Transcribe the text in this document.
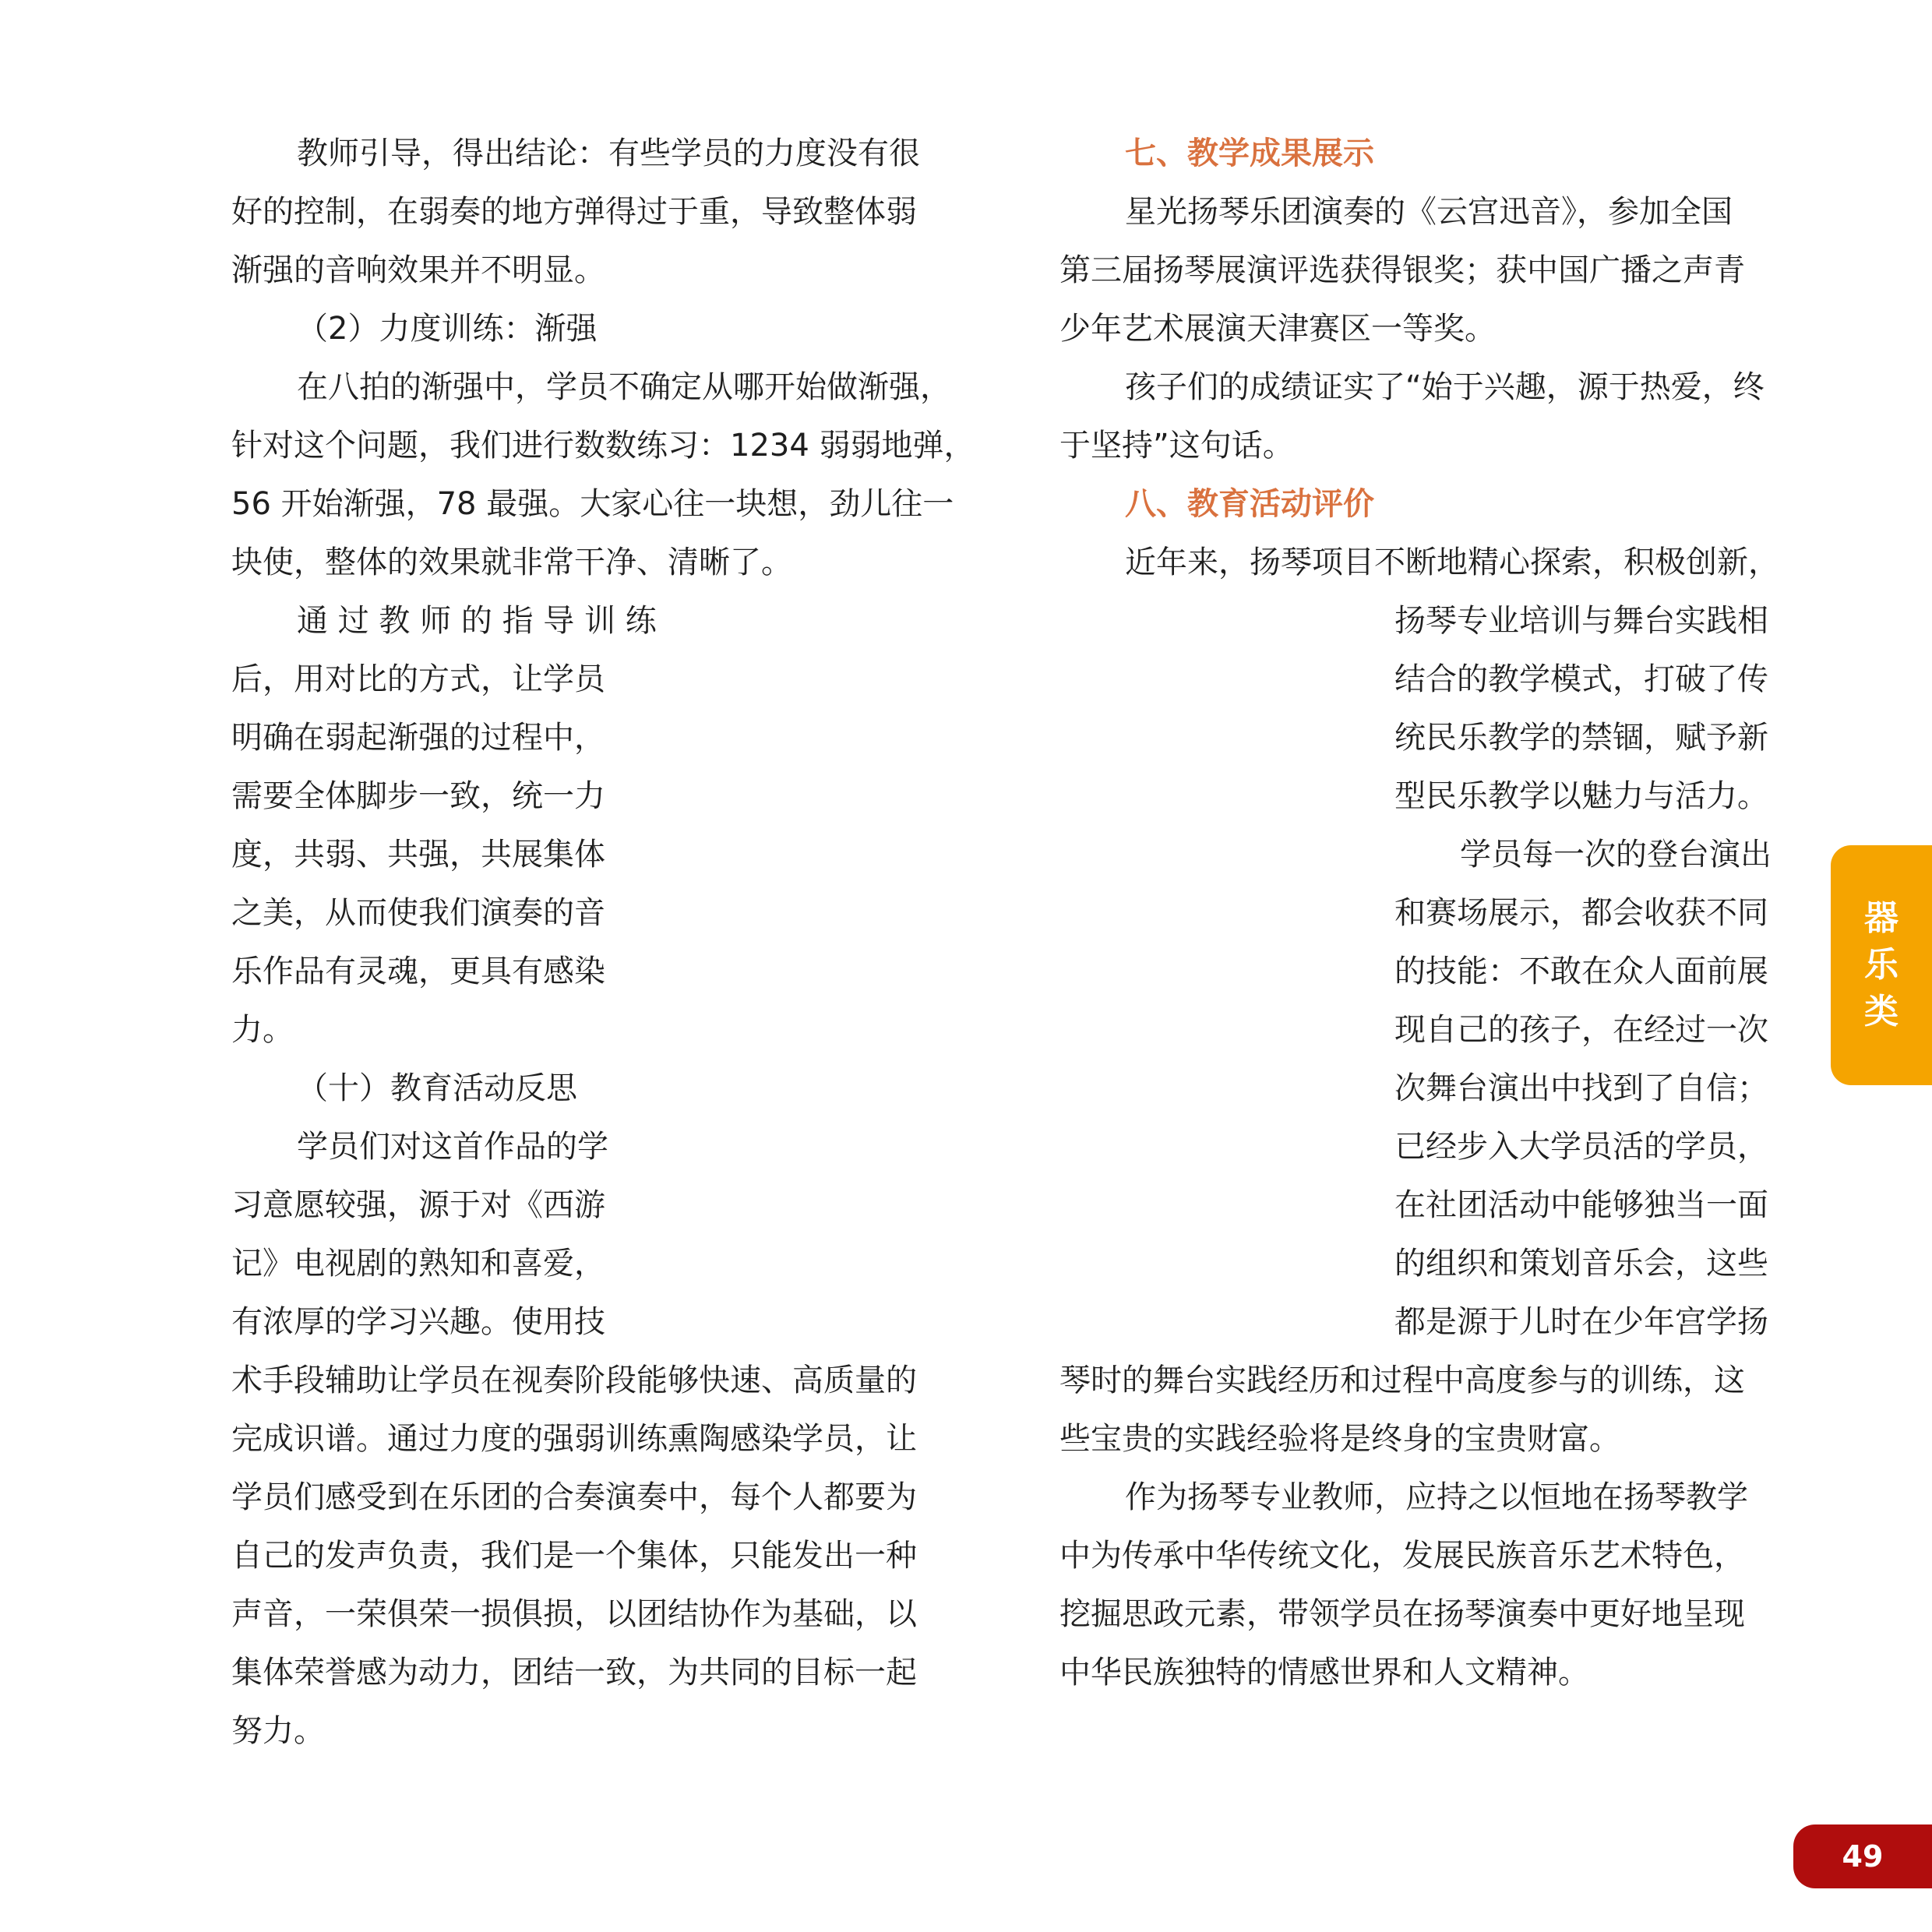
教师引导，得出结论：有些学员的力度没有很
好的控制，在弱奏的地方弹得过于重，导致整体弱
渐强的音响效果并不明显。
（2）力度训练：渐强
在八拍的渐强中，学员不确定从哪开始做渐强，
针对这个问题，我们进行数数练习：1234 弱弱地弹，
56 开始渐强，78 最强。大家心往一块想，劲儿往一
块使，整体的效果就非常干净、清晰了。
通 过 教 师 的 指 导 训 练
后，用对比的方式，让学员
明确在弱起渐强的过程中，
需要全体脚步一致，统一力
度，共弱、共强，共展集体
之美，从而使我们演奏的音
乐作品有灵魂，更具有感染
力。
（十）教育活动反思
学员们对这首作品的学
习意愿较强，源于对《西游
记》电视剧的熟知和喜爱，
有浓厚的学习兴趣。使用技
术手段辅助让学员在视奏阶段能够快速、高质量的
完成识谱。通过力度的强弱训练熏陶感染学员，让
学员们感受到在乐团的合奏演奏中，每个人都要为
自己的发声负责，我们是一个集体，只能发出一种
声音，一荣俱荣一损俱损，以团结协作为基础，以
集体荣誉感为动力，团结一致，为共同的目标一起
努力。
七、教学成果展示
星光扬琴乐团演奏的《云宫迅音》，参加全国
第三届扬琴展演评选获得银奖；获中国广播之声青
少年艺术展演天津赛区一等奖。
孩子们的成绩证实了“始于兴趣，源于热爱，终
于坚持”这句话。
八、教育活动评价
近年来，扬琴项目不断地精心探索，积极创新，
扬琴专业培训与舞台实践相
结合的教学模式，打破了传
统民乐教学的禁锢，赋予新
型民乐教学以魅力与活力。
学员每一次的登台演出
和赛场展示，都会收获不同
的技能：不敢在众人面前展
现自己的孩子，在经过一次
次舞台演出中找到了自信；
已经步入大学员活的学员，
在社团活动中能够独当一面
的组织和策划音乐会，这些
都是源于儿时在少年宫学扬
琴时的舞台实践经历和过程中高度参与的训练，这
些宝贵的实践经验将是终身的宝贵财富。
作为扬琴专业教师，应持之以恒地在扬琴教学
中为传承中华传统文化，发展民族音乐艺术特色，
挖掘思政元素，带领学员在扬琴演奏中更好地呈现
中华民族独特的情感世界和人文精神。
器
乐
类
49
